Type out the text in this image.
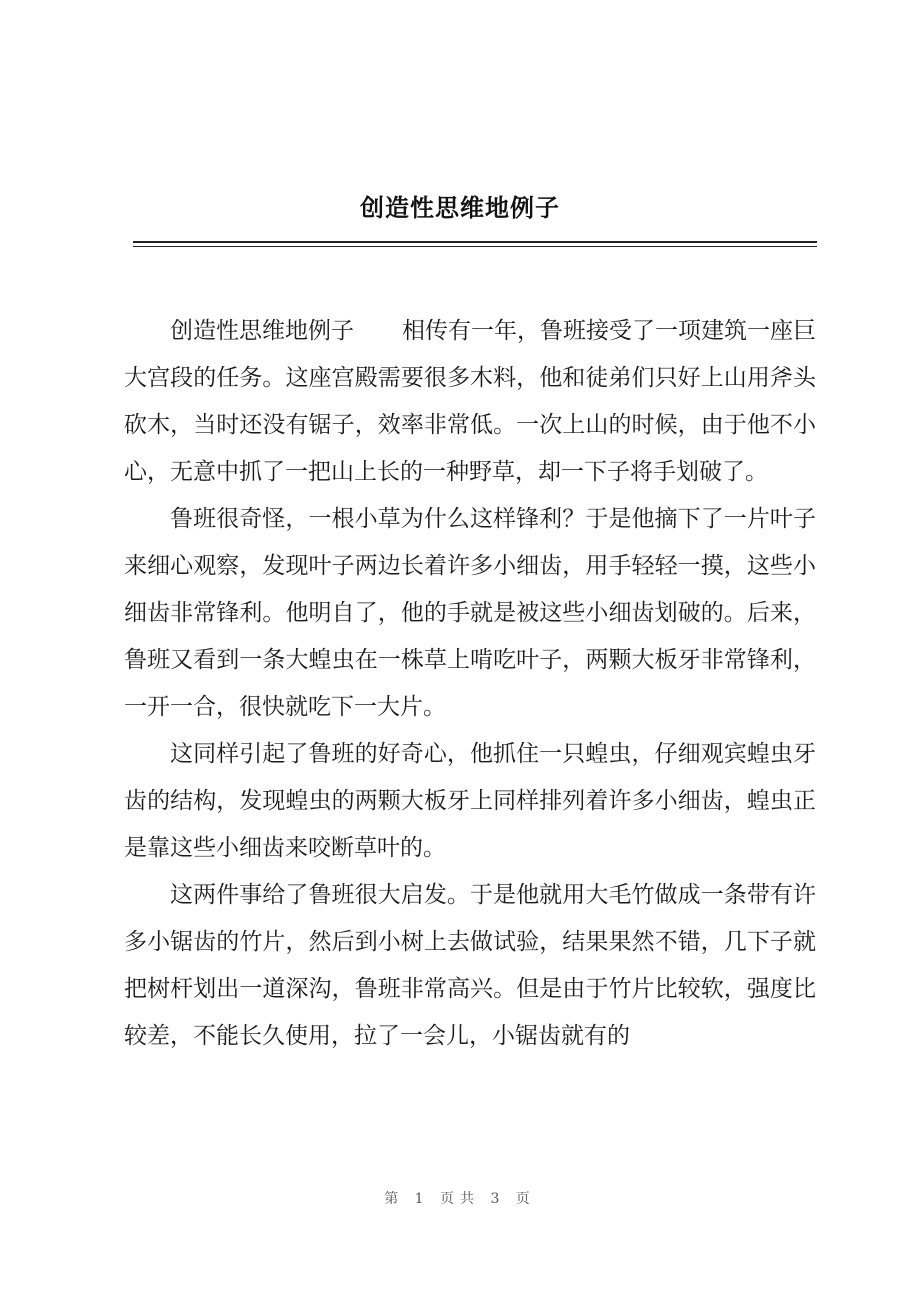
创造性思维地例子

创造性思维地例子 相传有一年，鲁班接受了一项建筑一座巨大宫段的任务。这座宫殿需要很多木料，他和徒弟们只好上山用斧头砍木，当时还没有锯子，效率非常低。一次上山的时候，由于他不小心，无意中抓了一把山上长的一种野草，却一下子将手划破了。

鲁班很奇怪，一根小草为什么这样锋利？于是他摘下了一片叶子来细心观察，发现叶子两边长着许多小细齿，用手轻轻一摸，这些小细齿非常锋利。他明自了，他的手就是被这些小细齿划破的。后来，鲁班又看到一条大蝗虫在一株草上啃吃叶子，两颗大板牙非常锋利，一开一合，很快就吃下一大片。

这同样引起了鲁班的好奇心，他抓住一只蝗虫，仔细观宾蝗虫牙齿的结构，发现蝗虫的两颗大板牙上同样排列着许多小细齿，蝗虫正是靠这些小细齿来咬断草叶的。

这两件事给了鲁班很大启发。于是他就用大毛竹做成一条带有许多小锯齿的竹片，然后到小树上去做试验，结果果然不错，几下子就把树杆划出一道深沟，鲁班非常高兴。但是由于竹片比较软，强度比较差，不能长久使用，拉了一会儿，小锯齿就有的

第 1 页共 3 页
